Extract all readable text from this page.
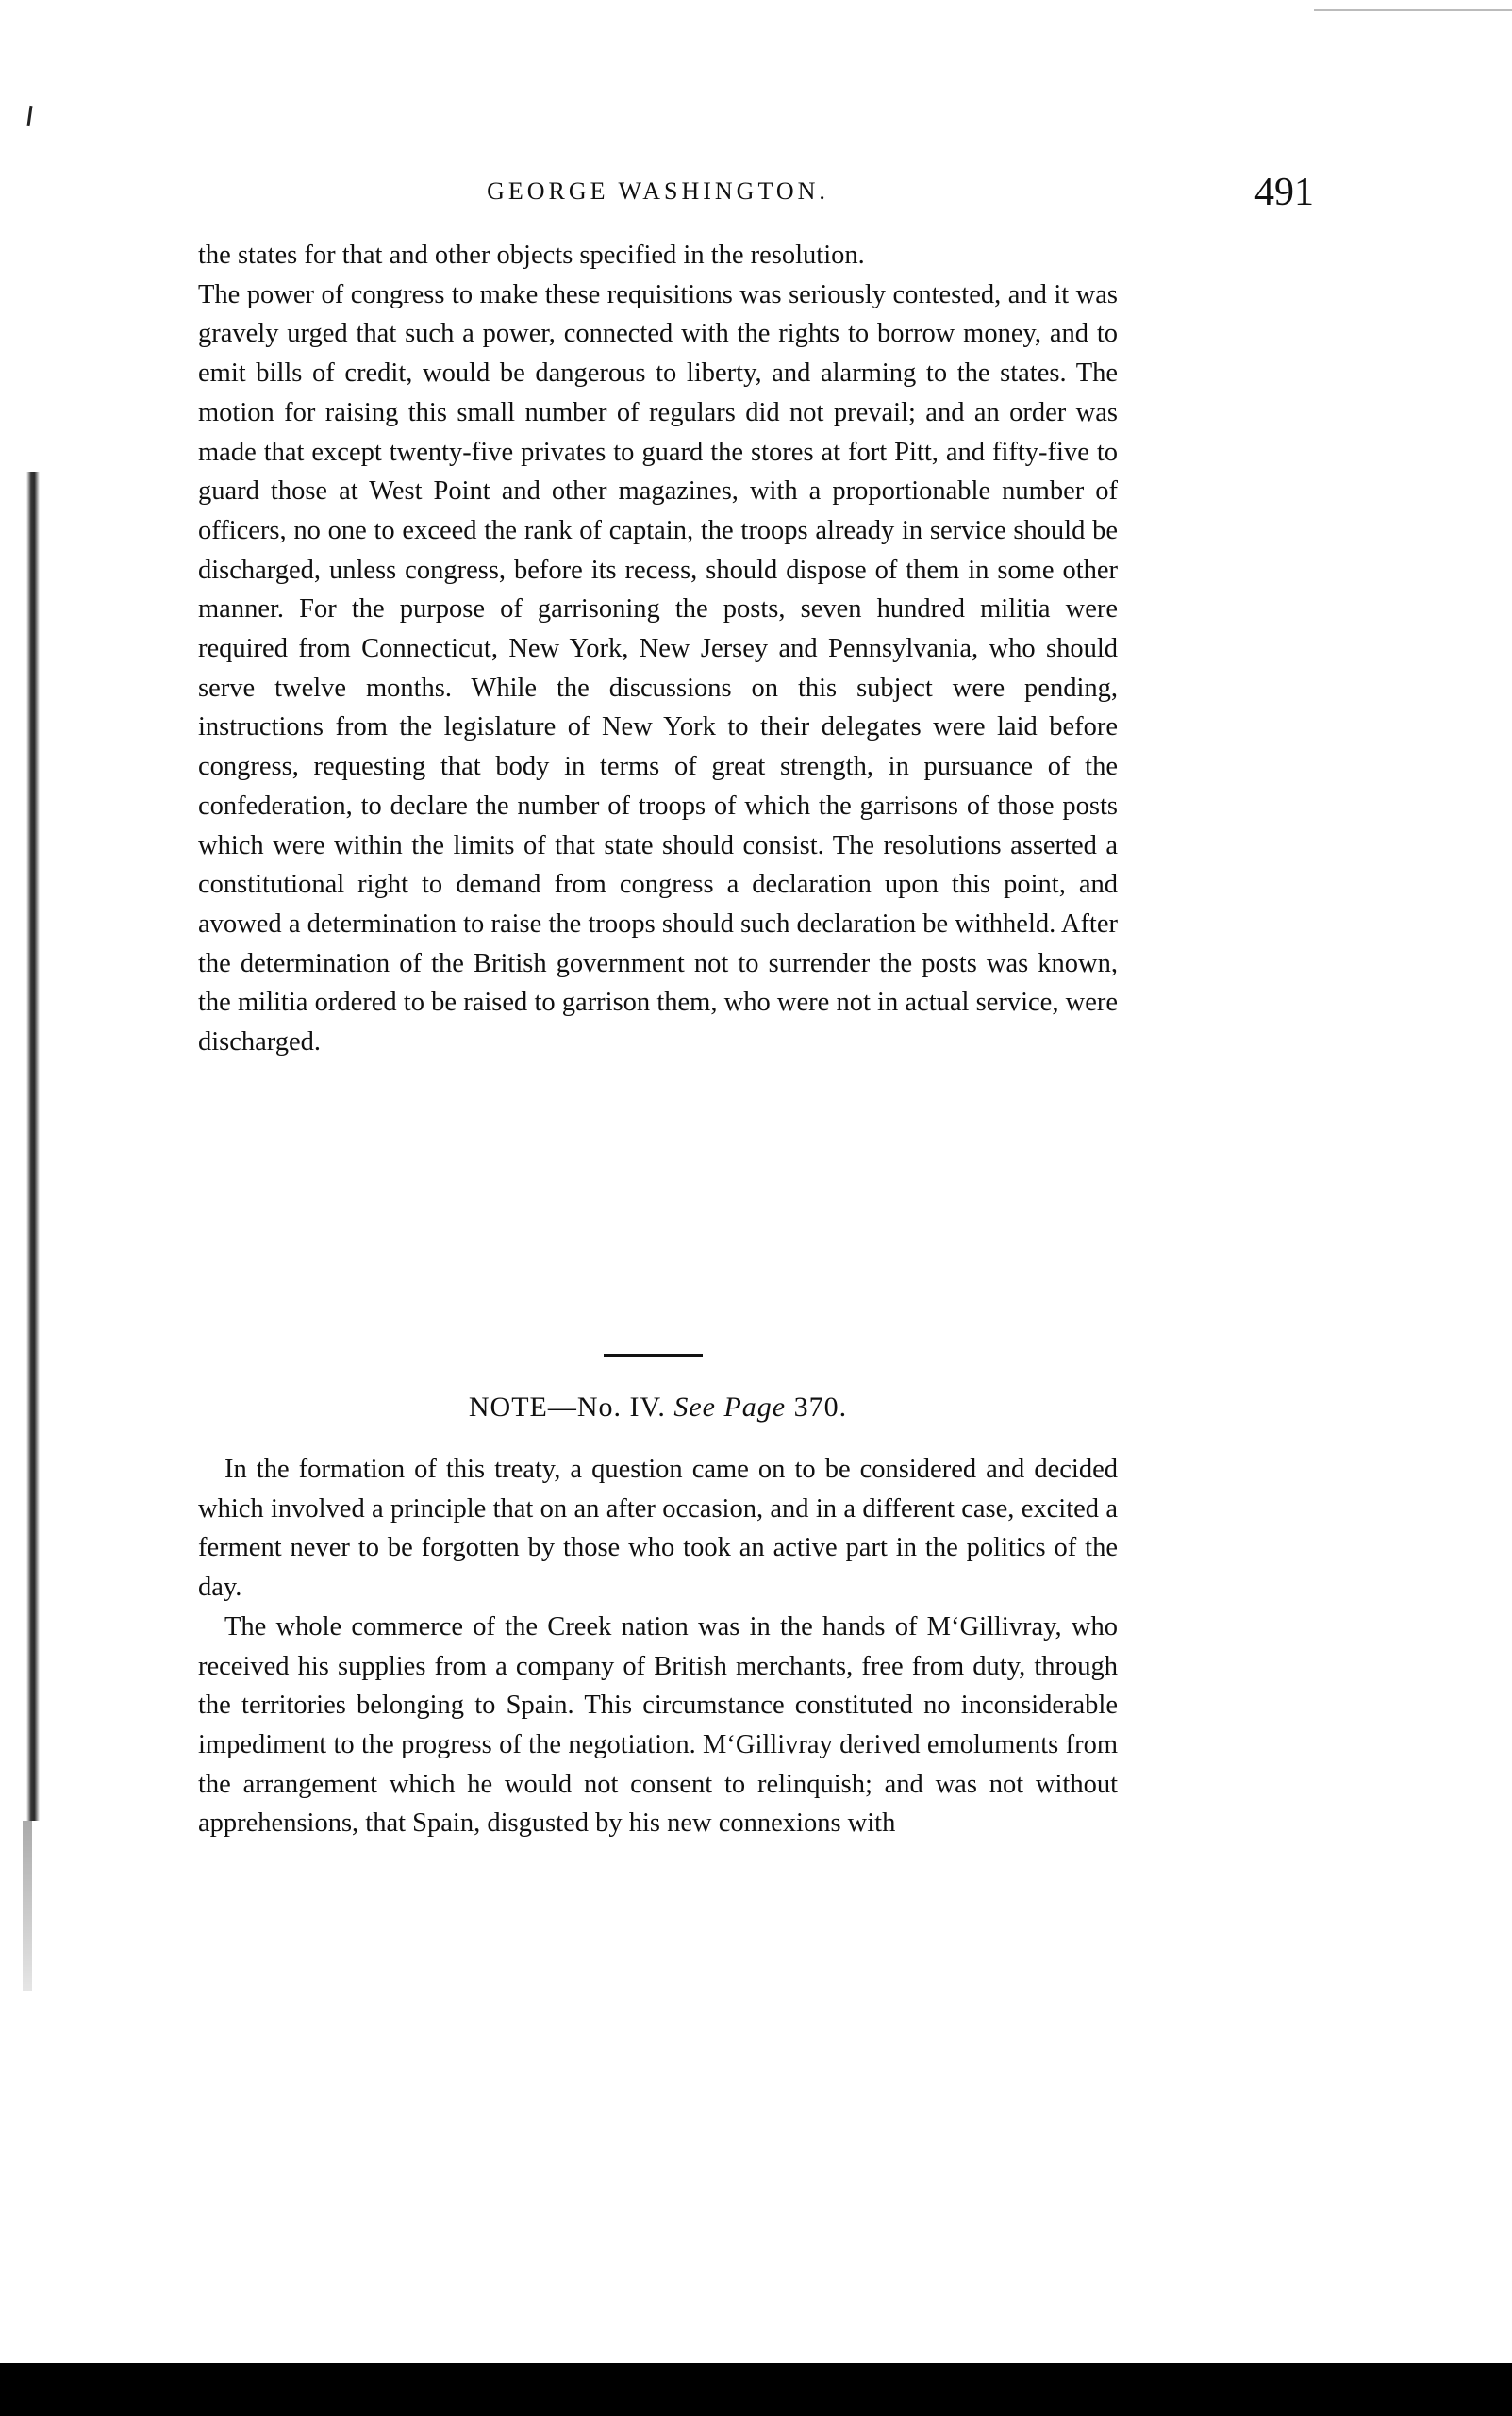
GEORGE WASHINGTON.	491

the states for that and other objects specified in the resolution.

The power of congress to make these requisitions was seriously contested, and it was gravely urged that such a power, connected with the rights to borrow money, and to emit bills of credit, would be dangerous to liberty, and alarming to the states. The motion for raising this small number of regulars did not prevail; and an order was made that except twenty-five privates to guard the stores at fort Pitt, and fifty-five to guard those at West Point and other magazines, with a proportionable number of officers, no one to exceed the rank of captain, the troops already in service should be discharged, unless congress, before its recess, should dispose of them in some other manner. For the purpose of garrisoning the posts, seven hundred militia were required from Connecticut, New York, New Jersey and Pennsylvania, who should serve twelve months. While the discussions on this subject were pending, instructions from the legislature of New York to their delegates were laid before congress, requesting that body in terms of great strength, in pursuance of the confederation, to declare the number of troops of which the garrisons of those posts which were within the limits of that state should consist. The resolutions asserted a constitutional right to demand from congress a declaration upon this point, and avowed a determination to raise the troops should such declaration be withheld. After the determination of the British government not to surrender the posts was known, the militia ordered to be raised to garrison them, who were not in actual service, were discharged.

NOTE—No. IV. See Page 370.

In the formation of this treaty, a question came on to be considered and decided which involved a principle that on an after occasion, and in a different case, excited a ferment never to be forgotten by those who took an active part in the politics of the day.

The whole commerce of the Creek nation was in the hands of M‘Gillivray, who received his supplies from a company of British merchants, free from duty, through the territories belonging to Spain. This circumstance constituted no inconsiderable impediment to the progress of the negotiation. M‘Gillivray derived emoluments from the arrangement which he would not consent to relinquish; and was not without apprehensions, that Spain, disgusted by his new connexions with
